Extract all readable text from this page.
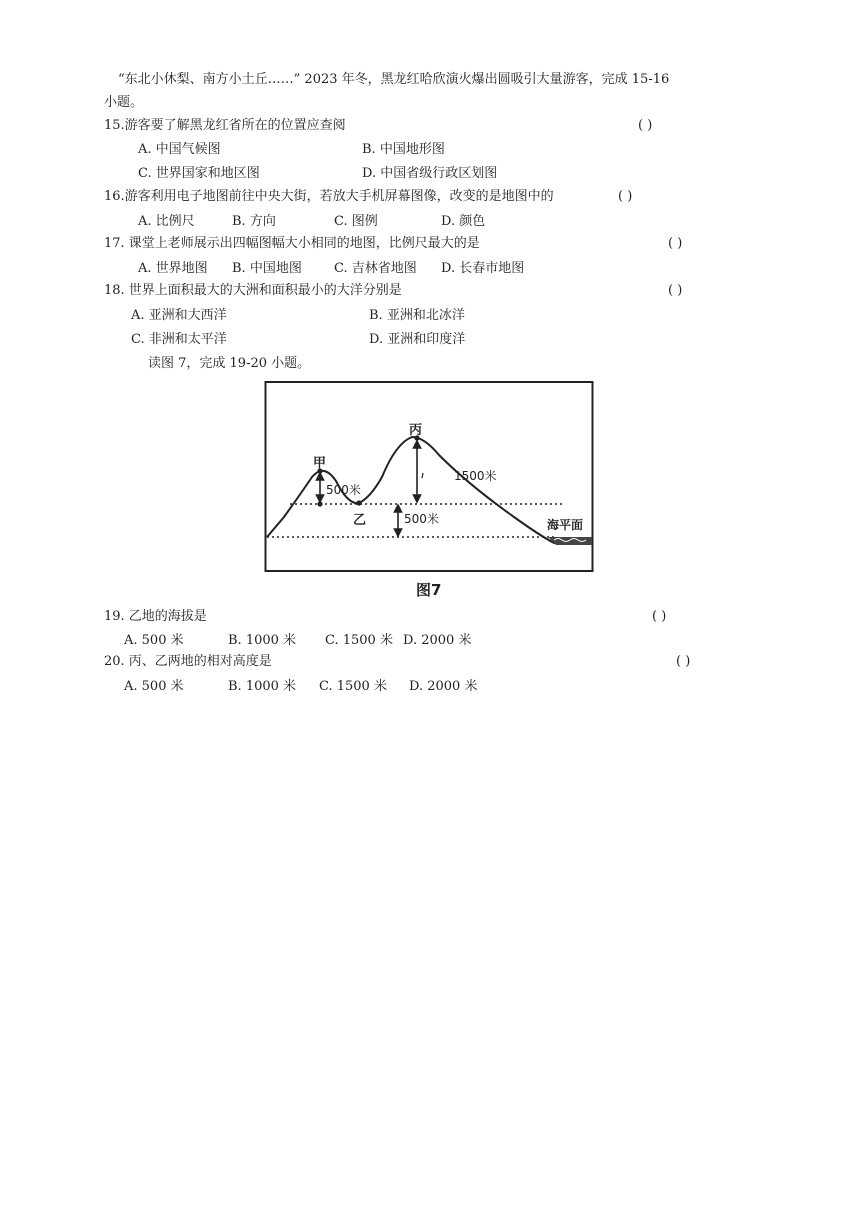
“东北小休梨、南方小土丘……” 2023 年冬，黑龙红哈欣演火爆出圆吸引大量游客，完成 15-16
小题。
15.游客要了解黑龙红省所在的位置应查阅	( )
A. 中国气候图	B. 中国地形图
C. 世界国家和地区图	D. 中国省级行政区划图
16.游客利用电子地图前往中央大街，若放大手机屏幕图像，改变的是地图中的	( )
A. 比例尺	B. 方向	C. 图例	D. 颜色
17. 课堂上老师展示出四幅图幅大小相同的地图，比例尺最大的是	( )
A. 世界地图 B. 中国地图 C. 吉林省地图 D. 长春市地图
18. 世界上面积最大的大洲和面积最小的大洋分别是	( )
A. 亚洲和大西洋	B. 亚洲和北冰洋
C. 非洲和太平洋	D. 亚洲和印度洋
读图 7，完成 19-20 小题。
甲
乙
丙
500米
500米
1500米
海平面
图7
19. 乙地的海拔是	( )
A. 500 米	B. 1000 米 C. 1500 米 D. 2000 米
20. 丙、乙两地的相对高度是	( )
A. 500 米	B. 1000 米 C. 1500 米 D. 2000 米
